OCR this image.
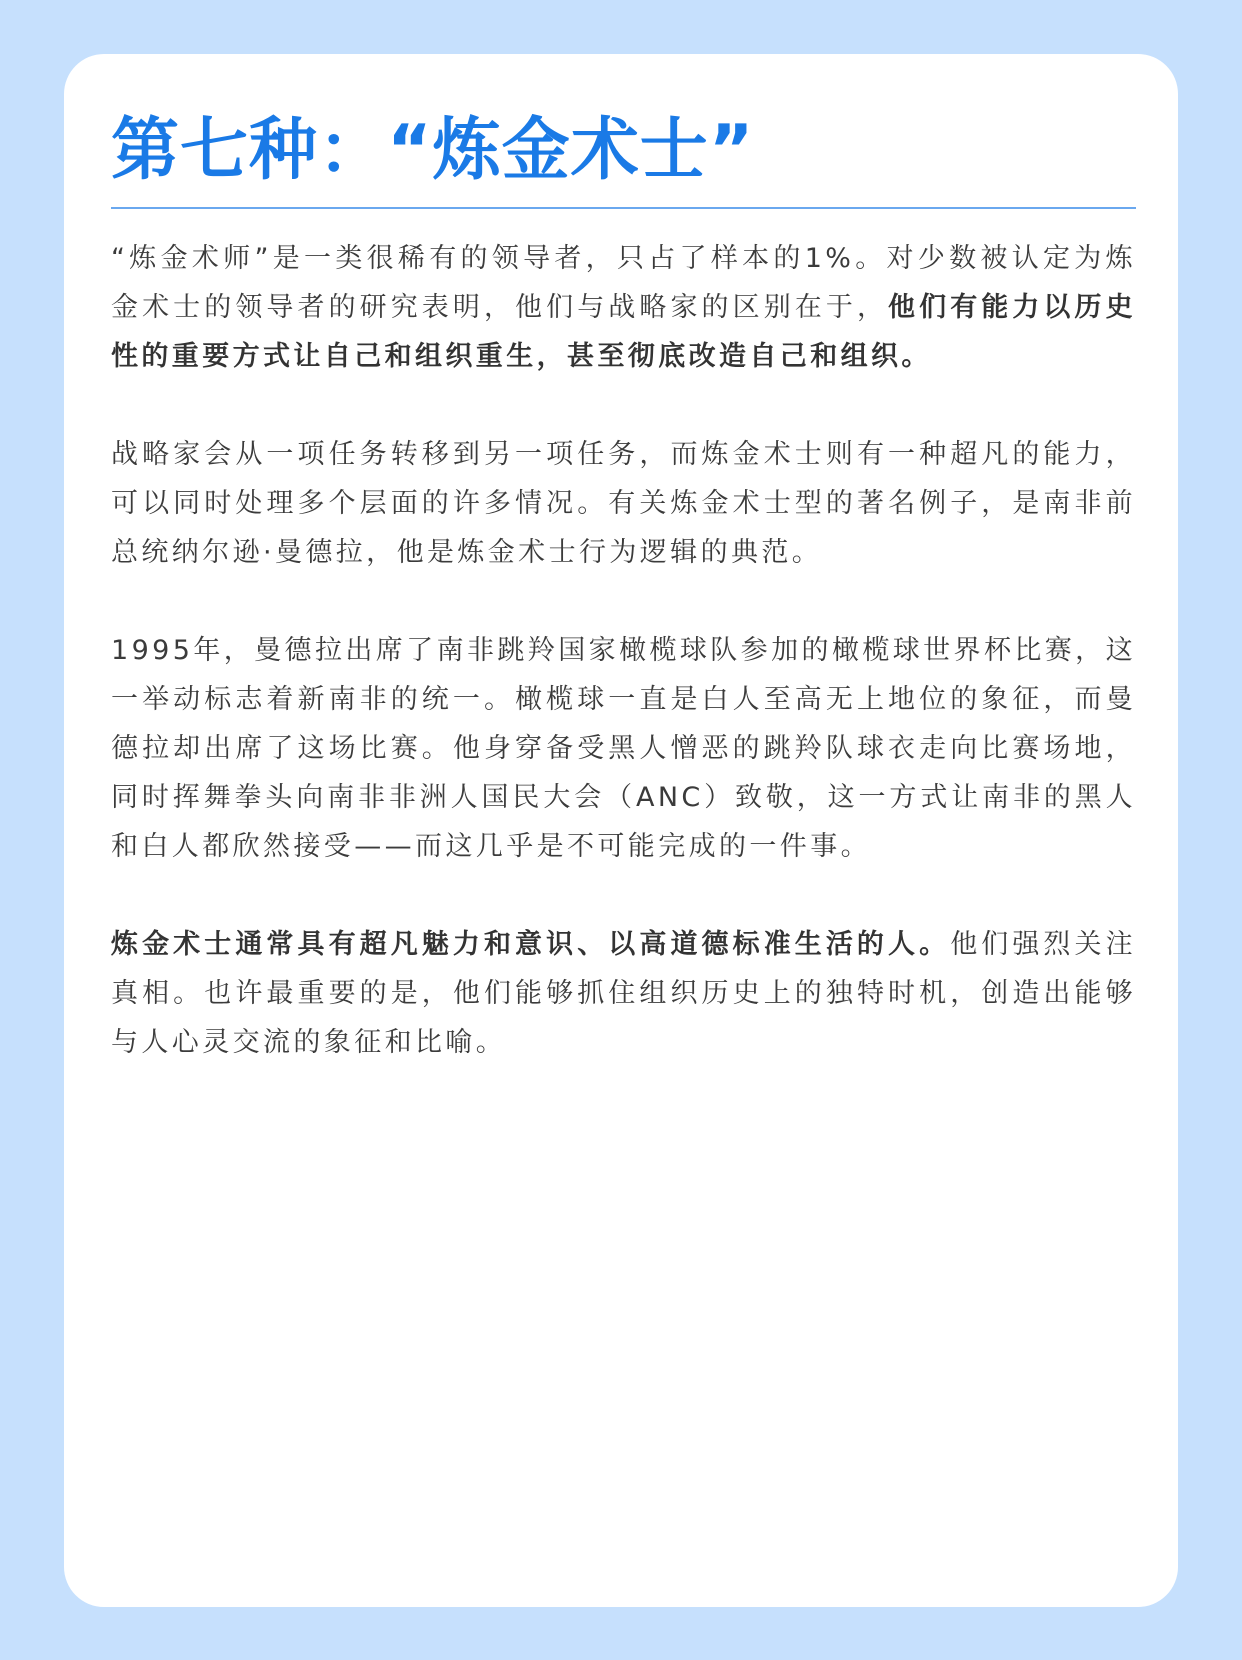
第七种：“炼金术士”

“炼金术师”是一类很稀有的领导者，只占了样本的1%。对少数被认定为炼金术士的领导者的研究表明，他们与战略家的区别在于，他们有能力以历史性的重要方式让自己和组织重生，甚至彻底改造自己和组织。

战略家会从一项任务转移到另一项任务，而炼金术士则有一种超凡的能力，可以同时处理多个层面的许多情况。有关炼金术士型的著名例子，是南非前总统纳尔逊·曼德拉，他是炼金术士行为逻辑的典范。

1995年，曼德拉出席了南非跳羚国家橄榄球队参加的橄榄球世界杯比赛，这一举动标志着新南非的统一。橄榄球一直是白人至高无上地位的象征，而曼德拉却出席了这场比赛。他身穿备受黑人憎恶的跳羚队球衣走向比赛场地，同时挥舞拳头向南非非洲人国民大会（ANC）致敬，这一方式让南非的黑人和白人都欣然接受——而这几乎是不可能完成的一件事。

炼金术士通常具有超凡魅力和意识、以高道德标准生活的人。他们强烈关注真相。也许最重要的是，他们能够抓住组织历史上的独特时机，创造出能够与人心灵交流的象征和比喻。
